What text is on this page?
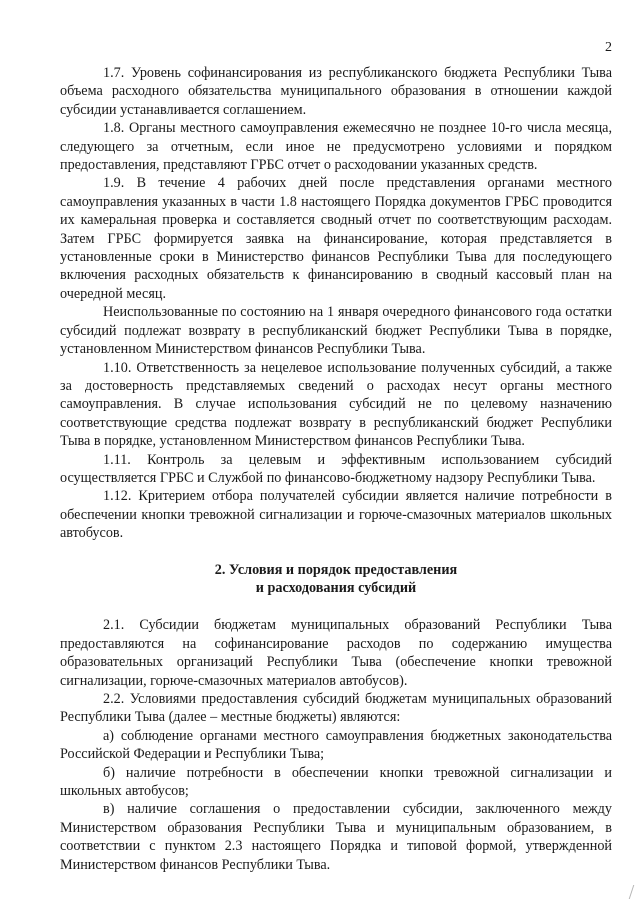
2

1.7. Уровень софинансирования из республиканского бюджета Республики Тыва объема расходного обязательства муниципального образования в отношении каждой субсидии устанавливается соглашением.

1.8. Органы местного самоуправления ежемесячно не позднее 10-го числа месяца, следующего за отчетным, если иное не предусмотрено условиями и порядком предоставления, представляют ГРБС отчет о расходовании указанных средств.

1.9. В течение 4 рабочих дней после представления органами местного самоуправления указанных в части 1.8 настоящего Порядка документов ГРБС проводится их камеральная проверка и составляется сводный отчет по соответствующим расходам. Затем ГРБС формируется заявка на финансирование, которая представляется в установленные сроки в Министерство финансов Республики Тыва для последующего включения расходных обязательств к финансированию в сводный кассовый план на очередной месяц.

Неиспользованные по состоянию на 1 января очередного финансового года остатки субсидий подлежат возврату в республиканский бюджет Республики Тыва в порядке, установленном Министерством финансов Республики Тыва.

1.10. Ответственность за нецелевое использование полученных субсидий, а также за достоверность представляемых сведений о расходах несут органы местного самоуправления. В случае использования субсидий не по целевому назначению соответствующие средства подлежат возврату в республиканский бюджет Республики Тыва в порядке, установленном Министерством финансов Республики Тыва.

1.11. Контроль за целевым и эффективным использованием субсидий осуществляется ГРБС и Службой по финансово-бюджетному надзору Республики Тыва.

1.12. Критерием отбора получателей субсидии является наличие потребности в обеспечении кнопки тревожной сигнализации и горюче-смазочных материалов школьных автобусов.

2. Условия и порядок предоставления
и расходования субсидий

2.1. Субсидии бюджетам муниципальных образований Республики Тыва предоставляются на софинансирование расходов по содержанию имущества образовательных организаций Республики Тыва (обеспечение кнопки тревожной сигнализации, горюче-смазочных материалов автобусов).

2.2. Условиями предоставления субсидий бюджетам муниципальных образований Республики Тыва (далее – местные бюджеты) являются:

а) соблюдение органами местного самоуправления бюджетных законодательства Российской Федерации и Республики Тыва;

б) наличие потребности в обеспечении кнопки тревожной сигнализации и школьных автобусов;

в) наличие соглашения о предоставлении субсидии, заключенного между Министерством образования Республики Тыва и муниципальным образованием, в соответствии с пунктом 2.3 настоящего Порядка и типовой формой, утвержденной Министерством финансов Республики Тыва.
